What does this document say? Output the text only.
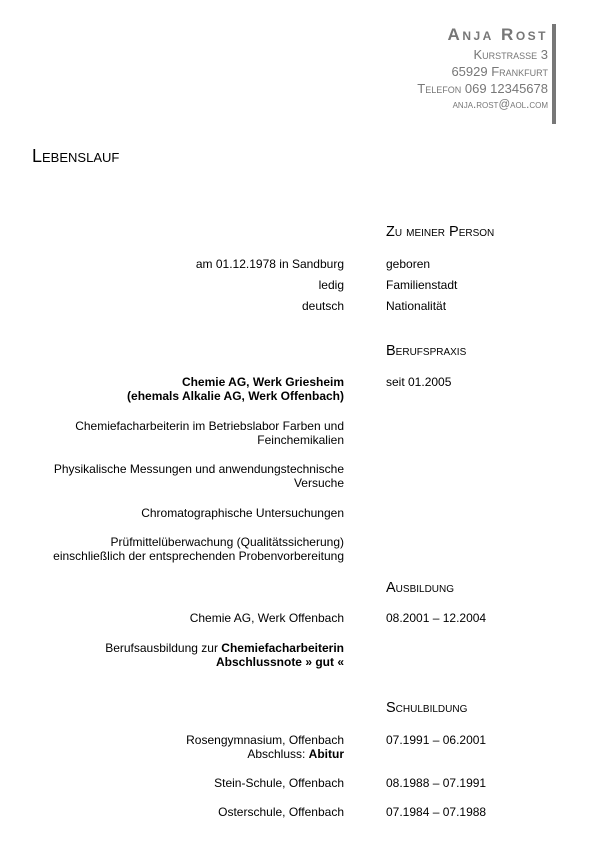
Anja Rost
Kurstrasse 3
65929 Frankfurt
Telefon 069 12345678
anja.rost@aol.com
Lebenslauf
Zu meiner Person
am 01.12.1978 in Sandburg	geboren
ledig	Familienstadt
deutsch	Nationalität
Berufspraxis
Chemie AG, Werk Griesheim
(ehemals Alkalie AG, Werk Offenbach)
seit 01.2005
Chemiefacharbeiterin im Betriebslabor Farben und
Feinchemikalien
Physikalische Messungen und anwendungstechnische
Versuche
Chromatographische Untersuchungen
Prüfmittelüberwachung (Qualitätssicherung)
einschließlich der entsprechenden Probenvorbereitung
Ausbildung
Chemie AG, Werk Offenbach	08.2001 – 12.2004
Berufsausbildung zur Chemiefacharbeiterin
Abschlussnote » gut «
Schulbildung
Rosengymnasium, Offenbach
Abschluss: Abitur
07.1991 – 06.2001
Stein-Schule, Offenbach	08.1988 – 07.1991
Osterschule, Offenbach	07.1984 – 07.1988
